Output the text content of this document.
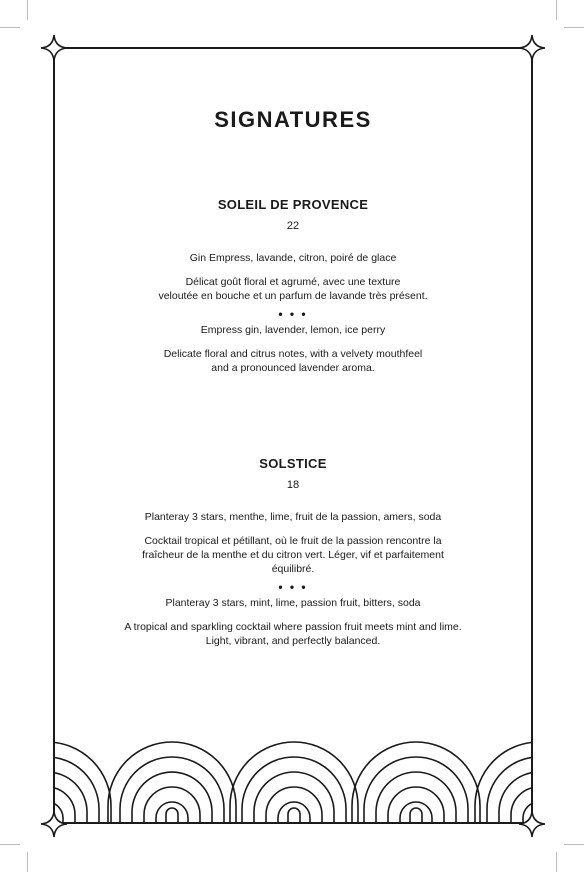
SIGNATURES

SOLEIL DE PROVENCE

22

Gin Empress, lavande, citron, poiré de glace

Délicat goût floral et agrumé, avec une texture

veloutée en bouche et un parfum de lavande très présent.

• • •

Empress gin, lavender, lemon, ice perry

Delicate floral and citrus notes, with a velvety mouthfeel

and a pronounced lavender aroma.

SOLSTICE

18

Planteray 3 stars, menthe, lime, fruit de la passion, amers, soda

Cocktail tropical et pétillant, où le fruit de la passion rencontre la

fraîcheur de la menthe et du citron vert. Léger, vif et parfaitement

équilibré.

• • •

Planteray 3 stars, mint, lime, passion fruit, bitters, soda

A tropical and sparkling cocktail where passion fruit meets mint and lime.

Light, vibrant, and perfectly balanced.
